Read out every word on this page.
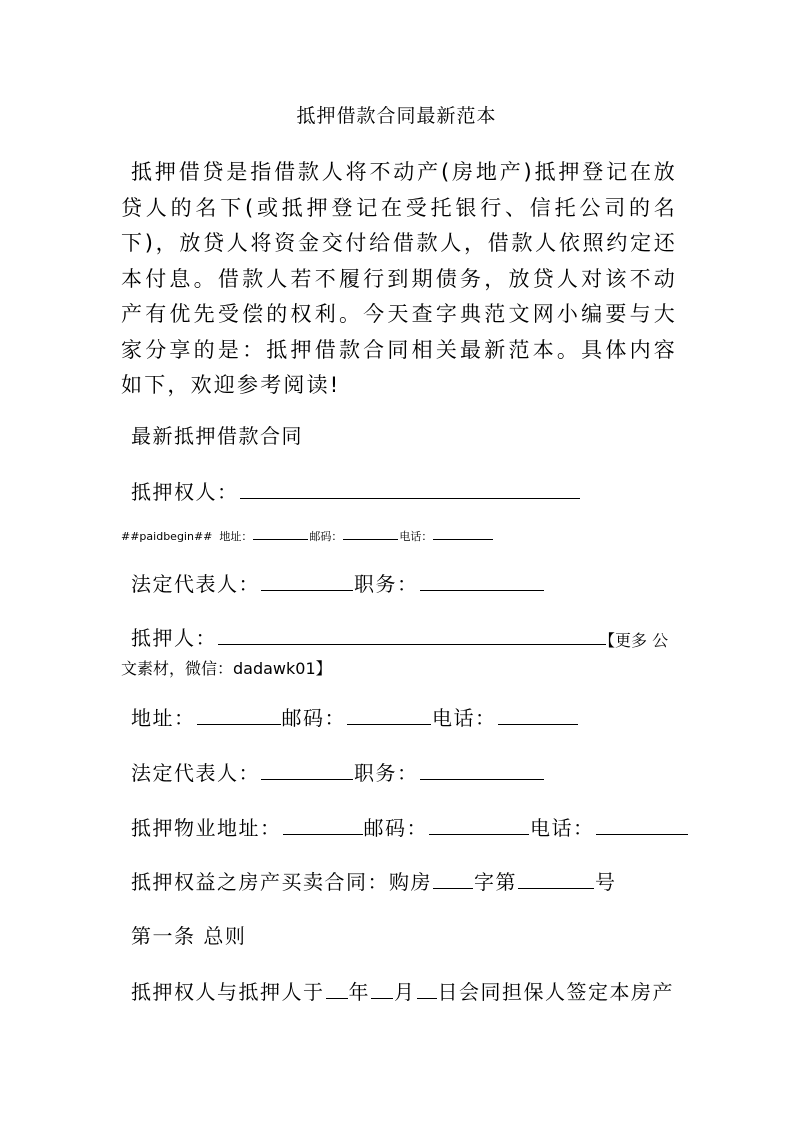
抵押借款合同最新范本
抵押借贷是指借款人将不动产(房地产)抵押登记在放贷人的名下(或抵押登记在受托银行、信托公司的名下)，放贷人将资金交付给借款人，借款人依照约定还本付息。借款人若不履行到期债务，放贷人对该不动产有优先受偿的权利。今天查字典范文网小编要与大家分享的是：抵押借款合同相关最新范本。具体内容如下，欢迎参考阅读!
最新抵押借款合同
抵押权人：
##paidbegin## 地址：	邮码：	电话：
法定代表人：	职务：
抵押人：	【更多 公文素材，微信：dadawk01】
地址：	邮码：	电话：
法定代表人：	职务：
抵押物业地址：	邮码：	电话：
抵押权益之房产买卖合同：购房 字第	号
第一条 总则
抵押权人与抵押人于 年 月 日会同担保人签定本房产
